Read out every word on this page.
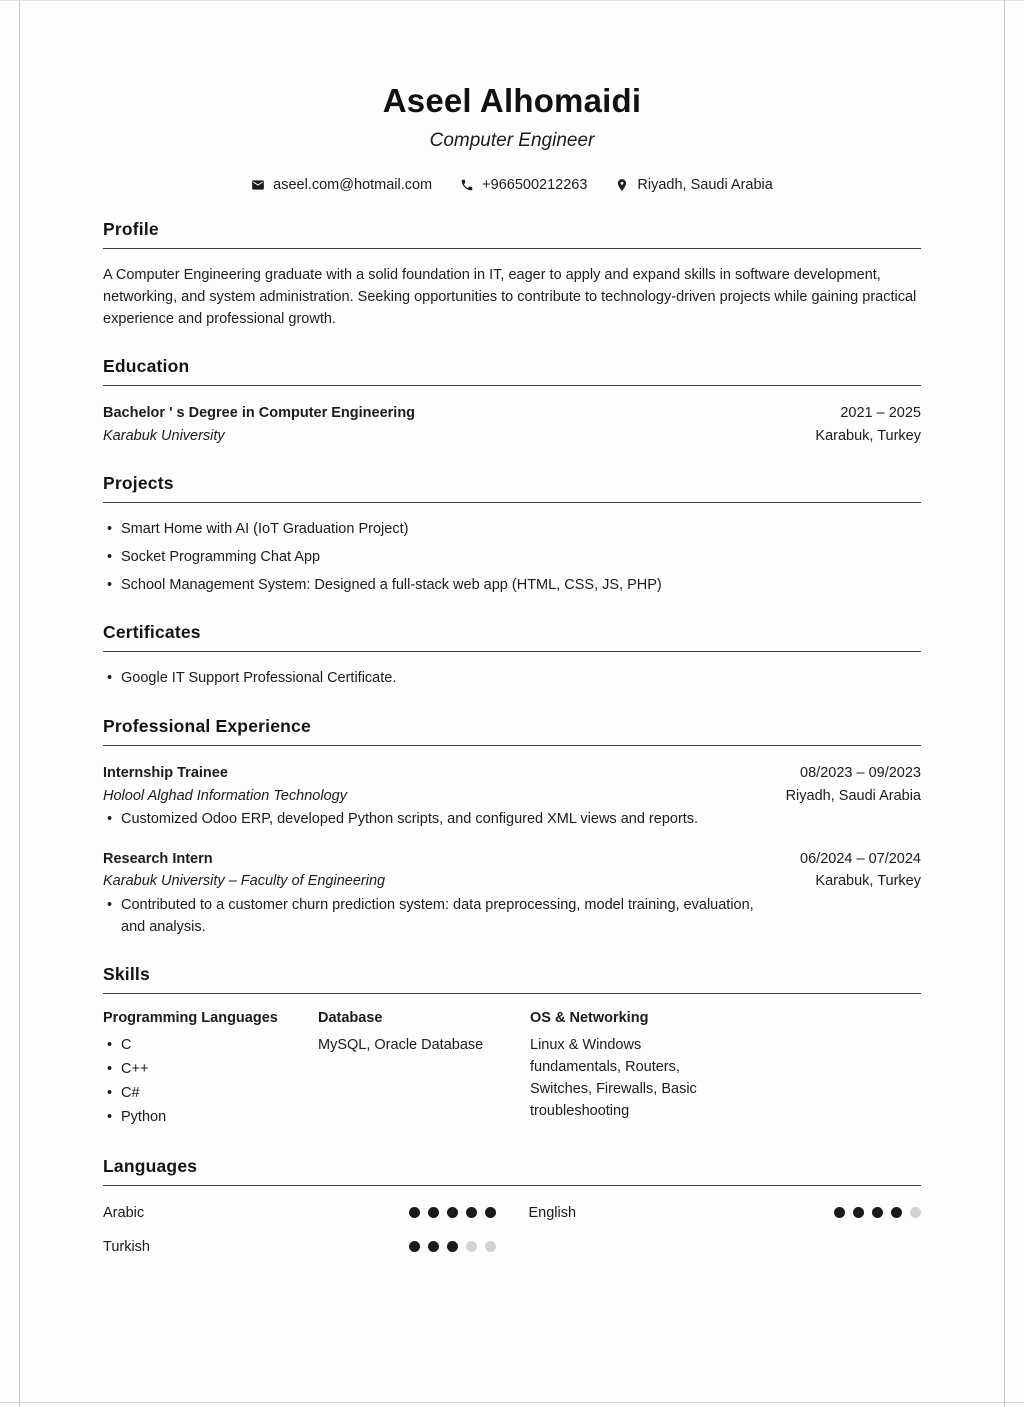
Aseel Alhomaidi
Computer Engineer
aseel.com@hotmail.com	+966500212263	Riyadh, Saudi Arabia
Profile

A Computer Engineering graduate with a solid foundation in IT, eager to apply and expand skills in software development, networking, and system administration. Seeking opportunities to contribute to technology-driven projects while gaining practical experience and professional growth.

Education
Bachelor ' s Degree in Computer Engineering	2021 – 2025
Karabuk University	Karabuk, Turkey
Projects
• Smart Home with AI (IoT Graduation Project)
• Socket Programming Chat App
• School Management System: Designed a full-stack web app (HTML, CSS, JS, PHP)
Certificates
• Google IT Support Professional Certificate.
Professional Experience
Internship Trainee	08/2023 – 09/2023
Holool Alghad Information Technology	Riyadh, Saudi Arabia
• Customized Odoo ERP, developed Python scripts, and configured XML views and reports.
Research Intern	06/2024 – 07/2024
Karabuk University – Faculty of Engineering	Karabuk, Turkey
• Contributed to a customer churn prediction system: data preprocessing, model training, evaluation, and analysis.
Skills
Programming Languages
• C
• C++
• C#
• Python
Database
MySQL, Oracle Database
OS & Networking
Linux & Windows fundamentals, Routers, Switches, Firewalls, Basic troubleshooting
Languages
Arabic	English
Turkish
